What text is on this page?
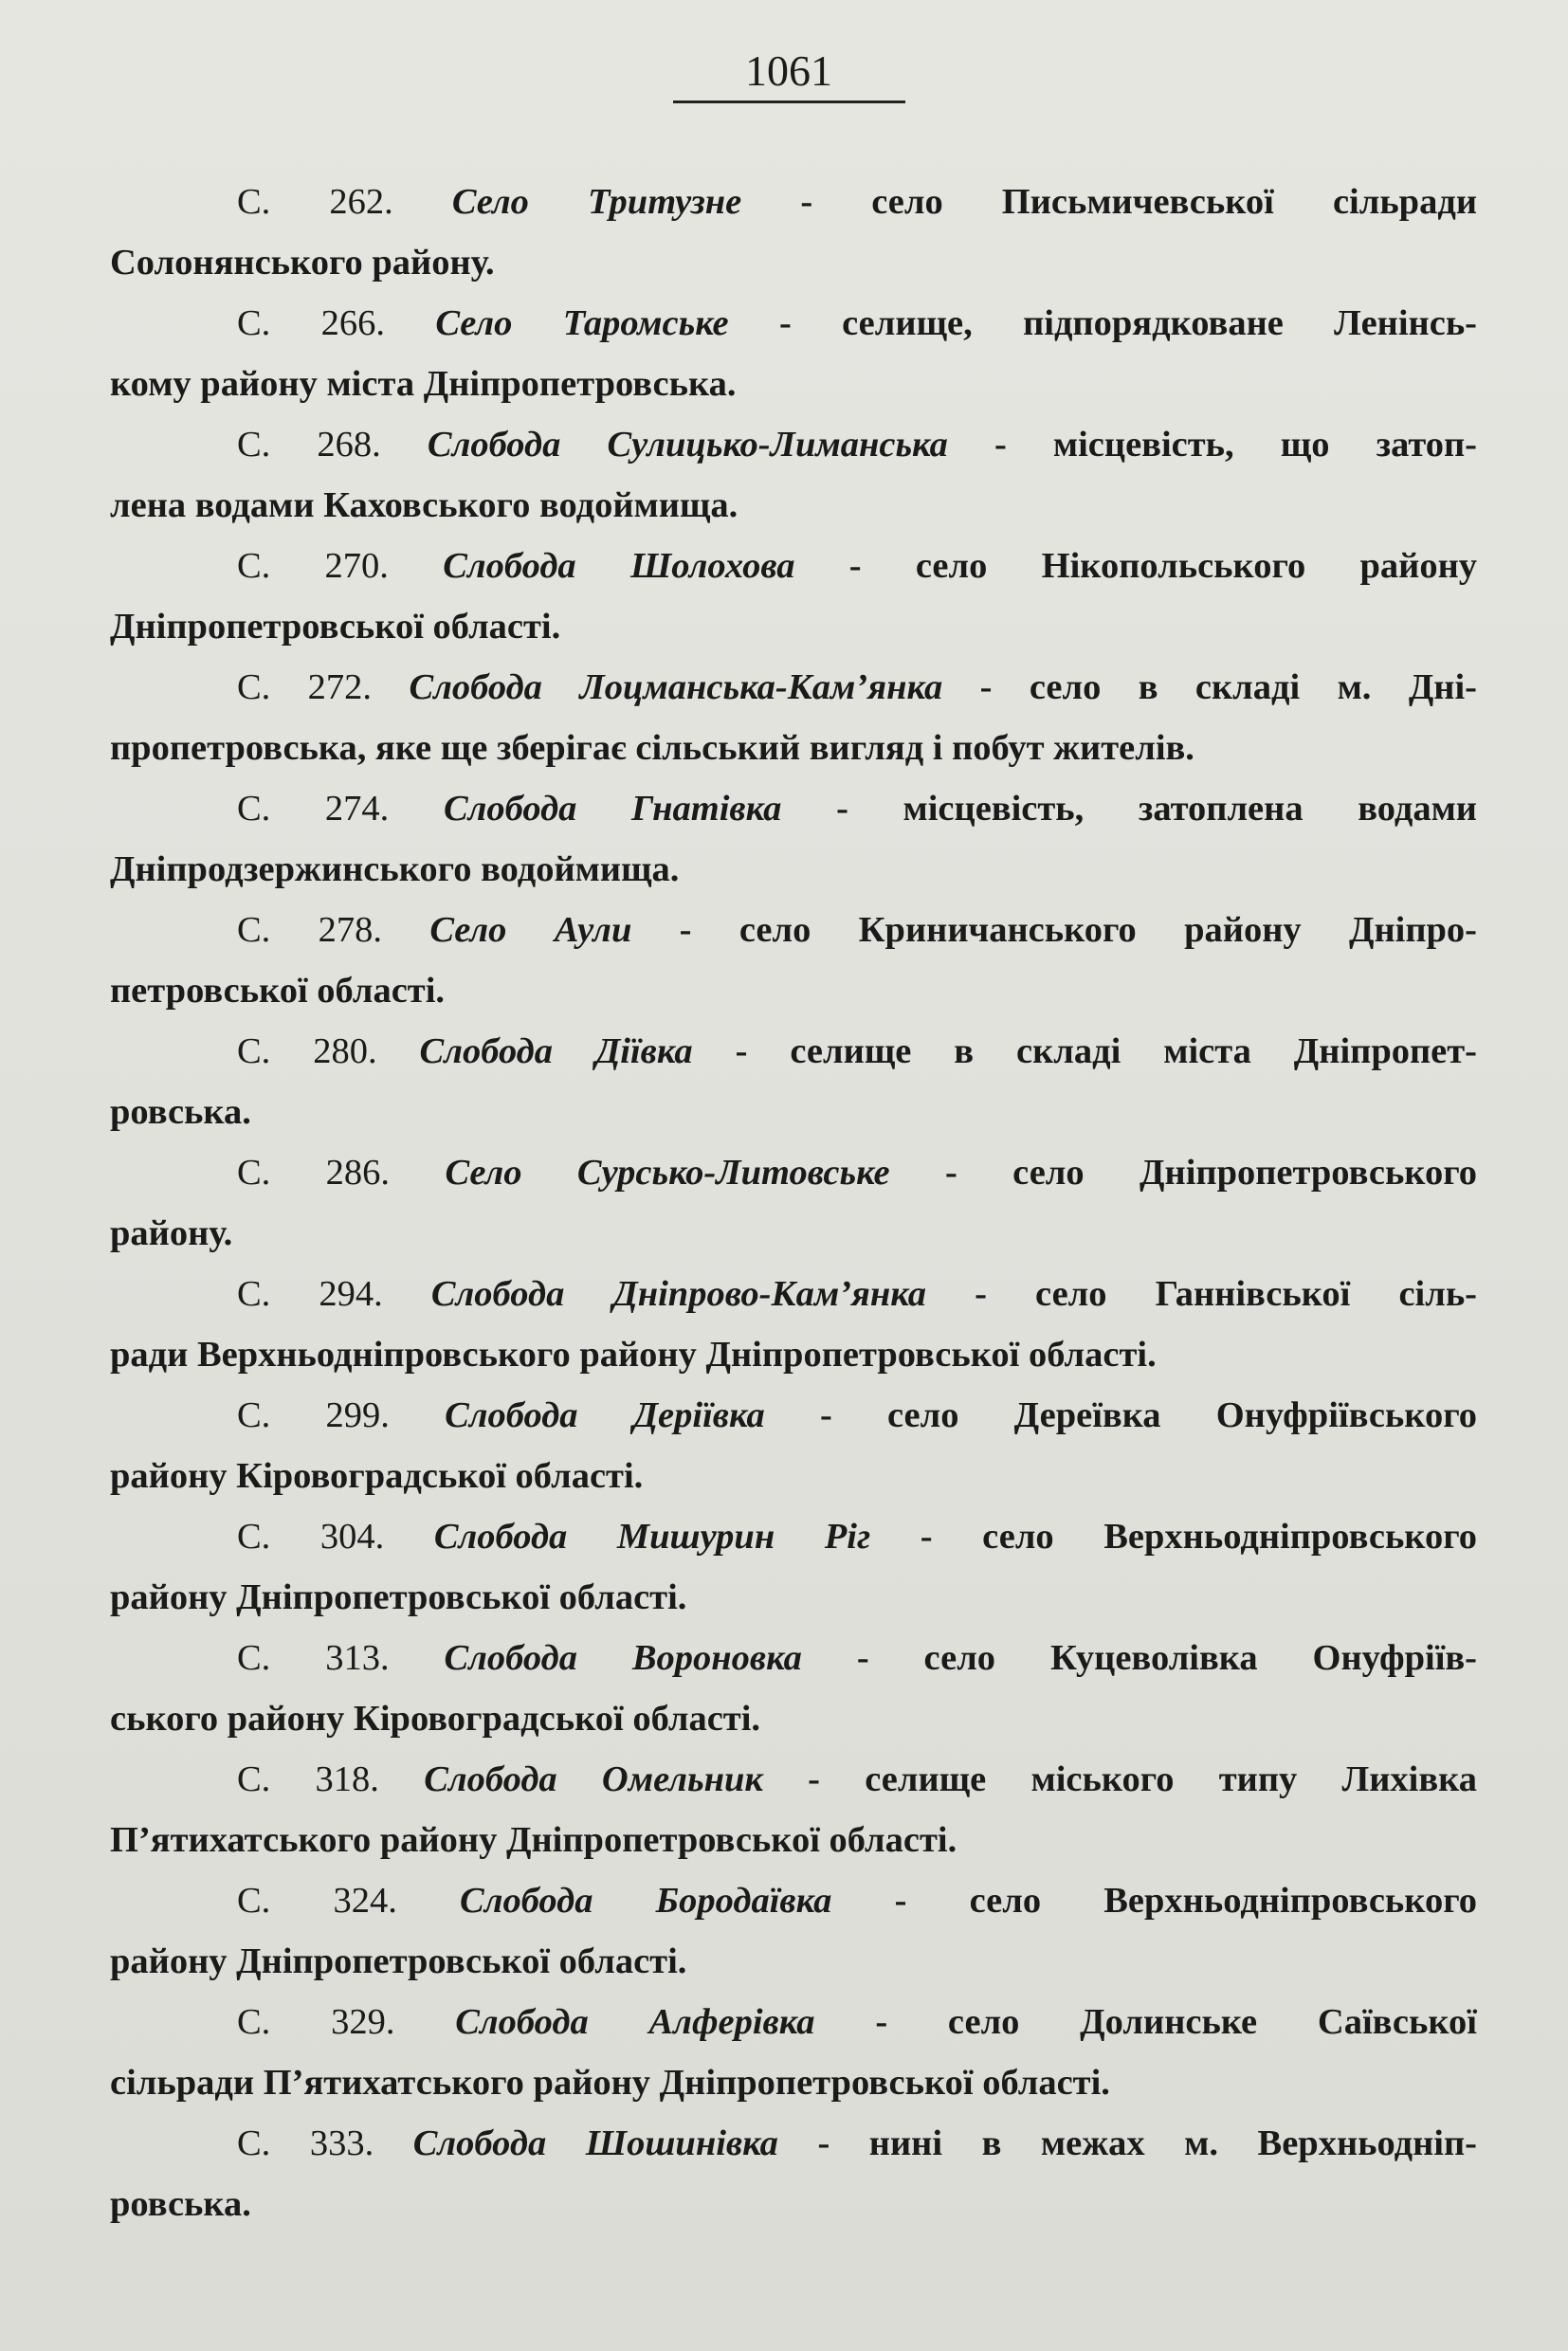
1061
С. 262. Село Тритузне - село Письмичевської сільради
Солонянського району.
С. 266. Село Таромське - селище, підпорядковане Ленінсь-
кому району міста Дніпропетровська.
С. 268. Слобода Сулицько-Лиманська - місцевість, що затоп-
лена водами Каховського водоймища.
С. 270. Слобода Шолохова - село Нікопольського району
Дніпропетровської області.
С. 272. Слобода Лоцманська-Кам’янка - село в складі м. Дні-
пропетровська, яке ще зберігає сільський вигляд і побут жителів.
С. 274. Слобода Гнатівка - місцевість, затоплена водами
Дніпродзержинського водоймища.
С. 278. Село Аули - село Криничанського району Дніпро-
петровської області.
С. 280. Слобода Діївка - селище в складі міста Дніпропет-
ровська.
С. 286. Село Сурсько-Литовське - село Дніпропетровського
району.
С. 294. Слобода Дніпрово-Кам’янка - село Ганнівської сіль-
ради Верхньодніпровського району Дніпропетровської області.
С. 299. Слобода Деріївка - село Дереївка Онуфріївського
району Кіровоградської області.
С. 304. Слобода Мишурин Ріг - село Верхньодніпровського
району Дніпропетровської області.
С. 313. Слобода Вороновка - село Куцеволівка Онуфріїв-
ського району Кіровоградської області.
С. 318. Слобода Омельник - селище міського типу Лихівка
П’ятихатського району Дніпропетровської області.
С. 324. Слобода Бородаївка - село Верхньодніпровського
району Дніпропетровської області.
С. 329. Слобода Алферівка - село Долинське Саївської
сільради П’ятихатського району Дніпропетровської області.
С. 333. Слобода Шошинівка - нині в межах м. Верхньодніп-
ровська.
